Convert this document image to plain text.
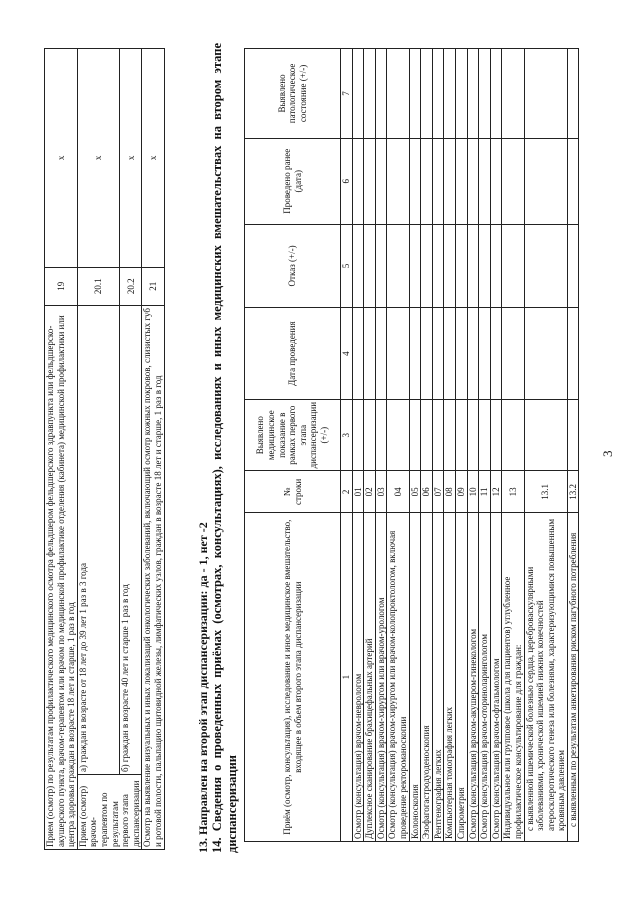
3
Прием (осмотр) по результатам профилактического медицинского осмотра фельдшером фельдшерского здравпункта или фельдшерско-акушерского пункта, врачом-терапевтом или врачом по медицинской профилактике отделения (кабинета) медицинской профилактики или центра здоровья граждан в возрасте 18 лет и старше, 1 раз в год		19	x
Прием (осмотр) врачом-терапевтом по результатам первого этапа диспансеризации	а) граждан в возрасте от 18 лет до 39 лет 1 раз в 3 года	20.1	x
	б) граждан в возрасте 40 лет и старше 1 раз в год	20.2	x
Осмотр на выявление визуальных и иных локализаций онкологических заболеваний, включающий осмотр кожных покровов, слизистых губ и ротовой полости, пальпацию щитовидной железы, лимфатических узлов, граждан в возрасте 18 лет и старше, 1 раз в год		21	x
13. Направлен на второй этап диспансеризации: да - 1, нет -2 14. Сведения о проведенных приёмах (осмотрах, консультациях), исследованиях и иных медицинских вмешательствах на втором этапе диспансеризации	Приём (осмотр, консультация), исследование и иное медицинское вмешательство, входящее в объем второго этапа диспансеризации	№ строки	Выявлено медицинское показание в рамках первого этапа диспансеризации (+/-)	Дата проведения	Отказ (+/-)	Проведено ранее (дата)	Выявлено патологическое состояние (+/-)
1	2	3	4	5	6	7
Осмотр (консультация) врачом-неврологом	01					
Дуплексное сканирование брахицефальных артерий	02					
Осмотр (консультация) врачом-хирургом или врачом-урологом	03					
Осмотр (консультация) врачом-хирургом или врачом-колопроктологом, включая проведение ректороманоскопии	04					
Колоноскопия	05					
Эзофагогастродуоденоскопия	06					
Рентгенография легких	07					
Компьютерная томография легких	08					
Спирометрия	09					
Осмотр (консультация) врачом-акушером-гинекологом	10					
Осмотр (консультация) врачом-оториноларингологом	11					
Осмотр (консультация) врачом-офтальмологом	12					
Индивидуальное или групповое (школа для пациентов) углубленное профилактическое консультирование для граждан:	13					
с выявленной ишемической болезнью сердца, цереброваскулярными заболеваниями, хронической ишемией нижних конечностей атеросклеротического генеза или болезнями, характеризующимися повышенным кровяным давлением	13.1					
с выявленным по результатам анкетирования риском пагубного потребления	13.2					
